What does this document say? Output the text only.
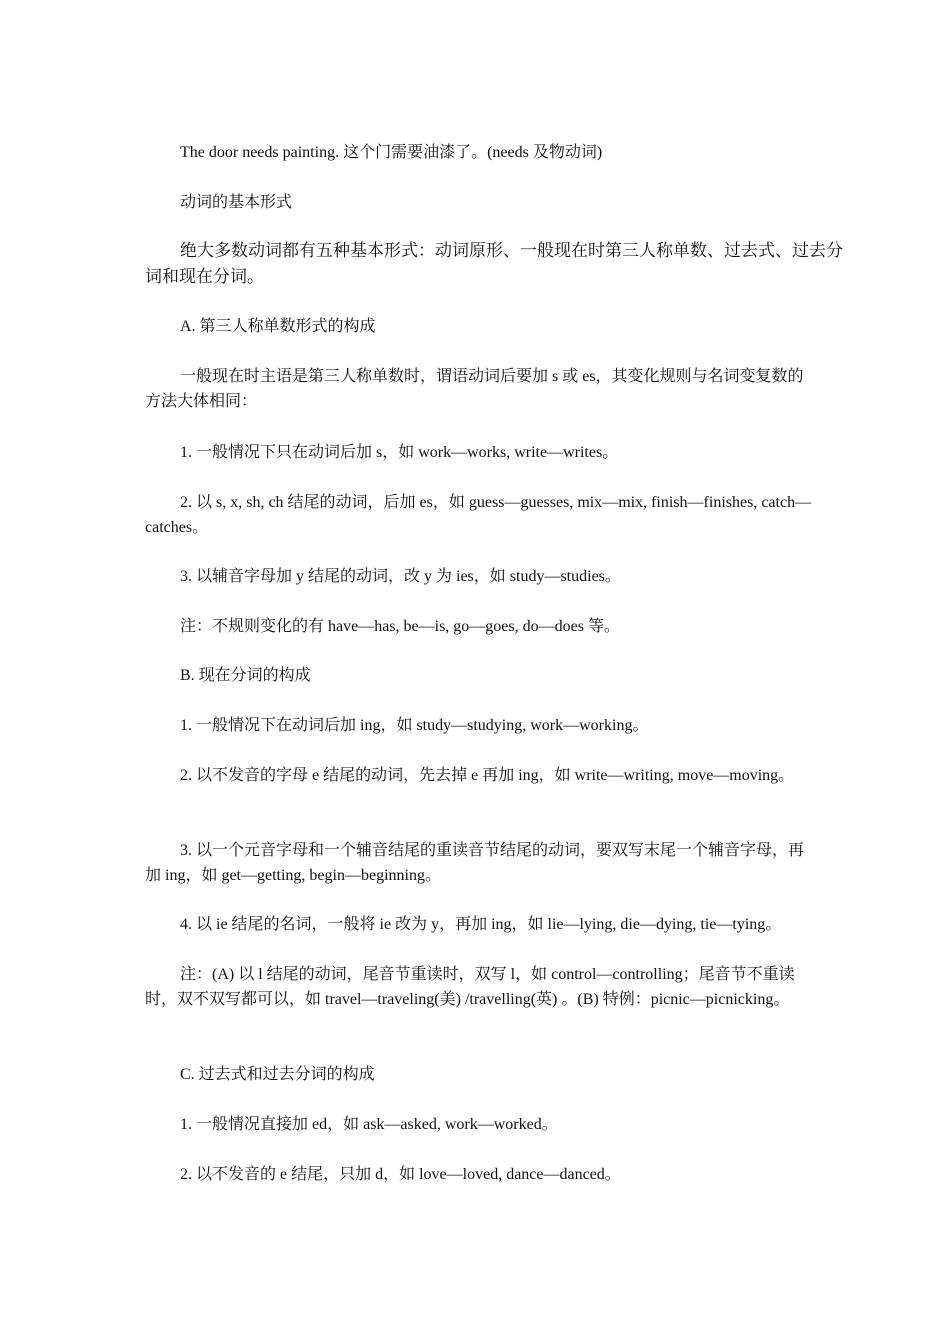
The door needs painting. 这个门需要油漆了。(needs 及物动词)

动词的基本形式

绝大多数动词都有五种基本形式：动词原形、一般现在时第三人称单数、过去式、过去分词和现在分词。

A. 第三人称单数形式的构成

一般现在时主语是第三人称单数时，谓语动词后要加 s 或 es，其变化规则与名词变复数的方法大体相同：

1. 一般情况下只在动词后加 s，如 work—works, write—writes。

2. 以 s, x, sh, ch 结尾的动词，后加 es，如 guess—guesses, mix—mix, finish—finishes, catch—catches。

3. 以辅音字母加 y 结尾的动词，改 y 为 ies，如 study—studies。

注：不规则变化的有 have—has, be—is, go—goes, do—does 等。

B. 现在分词的构成

1. 一般情况下在动词后加 ing，如 study—studying, work—working。

2. 以不发音的字母 e 结尾的动词，先去掉 e 再加 ing，如 write—writing, move—moving。

3. 以一个元音字母和一个辅音结尾的重读音节结尾的动词，要双写末尾一个辅音字母，再加 ing，如 get—getting, begin—beginning。

4. 以 ie 结尾的名词，一般将 ie 改为 y，再加 ing，如 lie—lying, die—dying, tie—tying。

注：(A) 以 l 结尾的动词，尾音节重读时，双写 l，如 control—controlling；尾音节不重读时，双不双写都可以，如 travel—traveling(美) /travelling(英) 。(B) 特例：picnic—picnicking。

C. 过去式和过去分词的构成

1. 一般情况直接加 ed，如 ask—asked, work—worked。

2. 以不发音的 e 结尾，只加 d，如 love—loved, dance—danced。
